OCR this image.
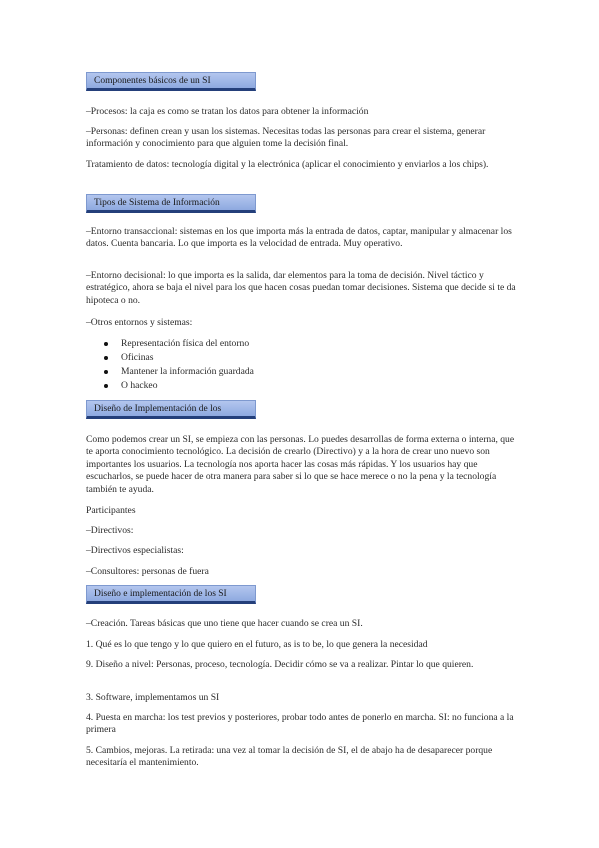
Componentes básicos de un SI

–Procesos: la caja es como se tratan los datos para obtener la información

–Personas: definen crean y usan los sistemas. Necesitas todas las personas para crear el sistema, generar información y conocimiento para que alguien tome la decisión final.

Tratamiento de datos: tecnología digital y la electrónica (aplicar el conocimiento y enviarlos a los chips).

Tipos de Sistema de Información

–Entorno transaccional: sistemas en los que importa más la entrada de datos, captar, manipular y almacenar los datos. Cuenta bancaria. Lo que importa es la velocidad de entrada. Muy operativo.

–Entorno decisional: lo que importa es la salida, dar elementos para la toma de decisión. Nivel táctico y estratégico, ahora se baja el nivel para los que hacen cosas puedan tomar decisiones. Sistema que decide si te da hipoteca o no.

–Otros entornos y sistemas:

Representación física del entorno
Oficinas
Mantener la información guardada
O hackeo
Diseño de Implementación de los

Como podemos crear un SI, se empieza con las personas. Lo puedes desarrollas de forma externa o interna, que te aporta conocimiento tecnológico. La decisión de crearlo (Directivo) y a la hora de crear uno nuevo son importantes los usuarios. La tecnología nos aporta hacer las cosas más rápidas. Y los usuarios hay que escucharlos, se puede hacer de otra manera para saber si lo que se hace merece o no la pena y la tecnología también te ayuda.

Participantes

–Directivos:

–Directivos especialistas:

–Consultores: personas de fuera

Diseño e implementación de los SI

–Creación. Tareas básicas que uno tiene que hacer cuando se crea un SI.

1. Qué es lo que tengo y lo que quiero en el futuro, as is to be, lo que genera la necesidad

9. Diseño a nivel: Personas, proceso, tecnología. Decidir cómo se va a realizar. Pintar lo que quieren.

3. Software, implementamos un SI

4. Puesta en marcha: los test previos y posteriores, probar todo antes de ponerlo en marcha. SI: no funciona a la primera

5. Cambios, mejoras. La retirada: una vez al tomar la decisión de SI, el de abajo ha de desaparecer porque necesitaría el mantenimiento.
